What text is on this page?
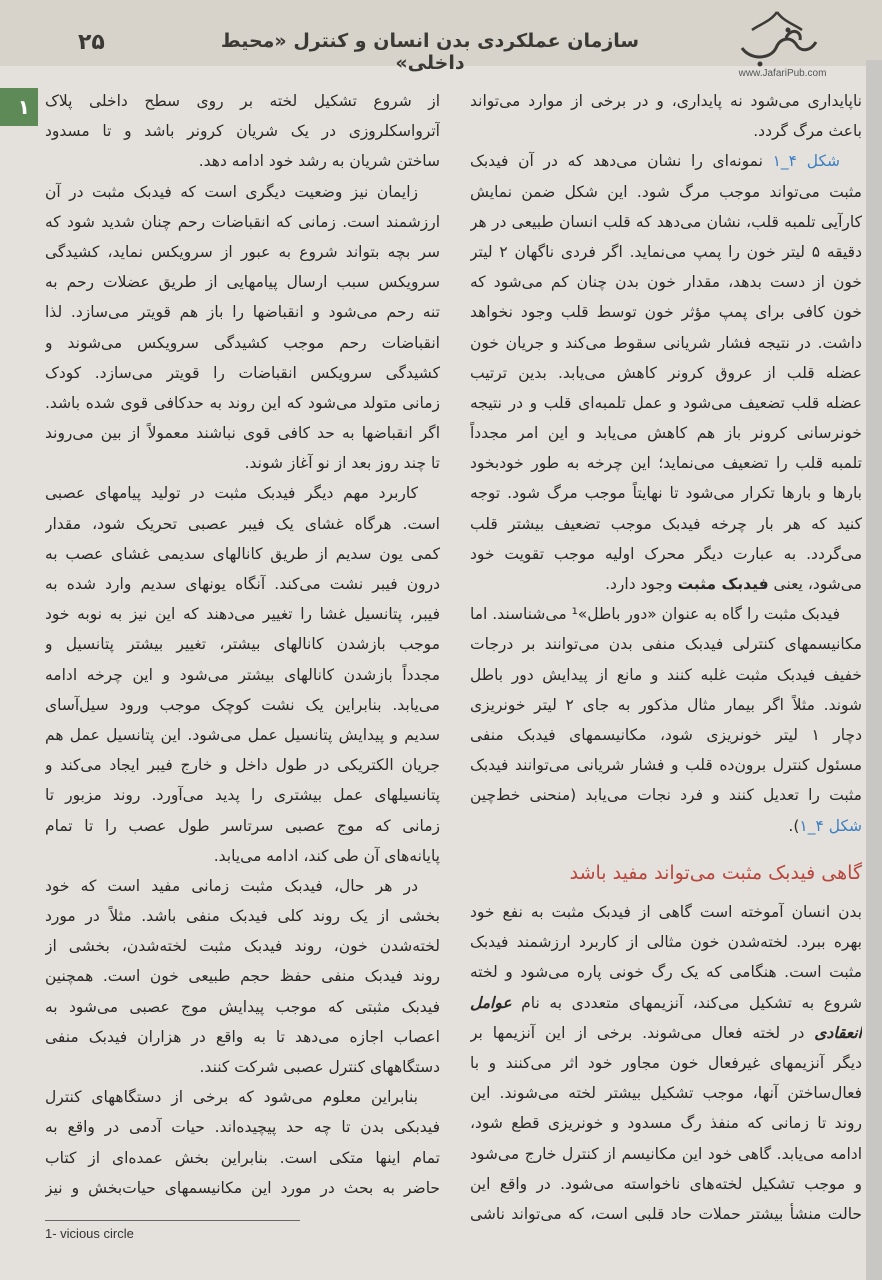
۲۵	سازمان عملکردی بدن انسان و کنترل «محیط داخلی»	www.JafariPub.com
۱	ناپایداری می‌شود نه پایداری، و در برخی از موارد می‌تواند
باعث مرگ گردد.
شکل ۴_۱ نمونه‌ای را نشان می‌دهد که در آن فیدبک
مثبت می‌تواند موجب مرگ شود. این شکل ضمن نمایش
کارآیی تلمبه قلب، نشان می‌دهد که قلب انسان طبیعی در هر
دقیقه ۵ لیتر خون را پمپ می‌نماید. اگر فردی ناگهان ۲ لیتر
خون از دست بدهد، مقدار خون بدن چنان کم می‌شود که
خون کافی برای پمپ مؤثر خون توسط قلب وجود نخواهد
داشت. در نتیجه فشار شریانی سقوط می‌کند و جریان خون
عضله قلب از عروق کرونر کاهش می‌یابد. بدین ترتیب
عضله قلب تضعیف می‌شود و عمل تلمبه‌ای قلب و در نتیجه
خونرسانی کرونر باز هم کاهش می‌یابد و این امر مجدداً
تلمبه قلب را تضعیف می‌نماید؛ این چرخه به طور خودبخود
بارها و بارها تکرار می‌شود تا نهایتاً موجب مرگ شود. توجه
کنید که هر بار چرخه فیدبک موجب تضعیف بیشتر قلب
می‌گردد. به عبارت دیگر محرک اولیه موجب تقویت خود
می‌شود، یعنی فیدبک مثبت وجود دارد.
فیدبک مثبت را گاه به عنوان «دور باطل»¹ می‌شناسند. اما
مکانیسمهای کنترلی فیدبک منفی بدن می‌توانند بر درجات
خفیف فیدبک مثبت غلبه کنند و مانع از پیدایش دور باطل
شوند. مثلاً اگر بیمار مثال مذکور به جای ۲ لیتر خونریزی
دچار ۱ لیتر خونریزی شود، مکانیسمهای فیدبک منفی
مسئول کنترل برون‌ده قلب و فشار شریانی می‌توانند فیدبک
مثبت را تعدیل کنند و فرد نجات می‌یابد (منحنی خط‌چین
شکل ۴_۱).
گاهی فیدبک مثبت می‌تواند مفید باشد
بدن انسان آموخته است گاهی از فیدبک مثبت به نفع خود
بهره ببرد. لخته‌شدن خون مثالی از کاربرد ارزشمند فیدبک
مثبت است. هنگامی که یک رگ خونی پاره می‌شود و لخته
شروع به تشکیل می‌کند، آنزیمهای متعددی به نام عوامل
انعقادی در لخته فعال می‌شوند. برخی از این آنزیمها بر
دیگر آنزیمهای غیرفعال خون مجاور خود اثر می‌کنند و با
فعال‌ساختن آنها، موجب تشکیل بیشتر لخته می‌شوند. این
روند تا زمانی که منفذ رگ مسدود و خونریزی قطع شود،
ادامه می‌یابد. گاهی خود این مکانیسم از کنترل خارج می‌شود
و موجب تشکیل لخته‌های ناخواسته می‌شود. در واقع این
حالت منشأ بیشتر حملات حاد قلبی است، که می‌تواند ناشی
از شروع تشکیل لخته بر روی سطح داخلی پلاک
آترواسکلروزی در یک شریان کرونر باشد و تا مسدود
ساختن شریان به رشد خود ادامه دهد.
زایمان نیز وضعیت دیگری است که فیدبک مثبت در آن
ارزشمند است. زمانی که انقباضات رحم چنان شدید شود که
سر بچه بتواند شروع به عبور از سرویکس نماید، کشیدگی
سرویکس سبب ارسال پیامهایی از طریق عضلات رحم به
تنه رحم می‌شود و انقباضها را باز هم قویتر می‌سازد. لذا
انقباضات رحم موجب کشیدگی سرویکس می‌شوند و
کشیدگی سرویکس انقباضات را قویتر می‌سازد. کودک
زمانی متولد می‌شود که این روند به حدکافی قوی شده باشد.
اگر انقباضها به حد کافی قوی نباشند معمولاً از بین می‌روند
تا چند روز بعد از نو آغاز شوند.
کاربرد مهم دیگر فیدبک مثبت در تولید پیامهای عصبی
است. هرگاه غشای یک فیبر عصبی تحریک شود، مقدار
کمی یون سدیم از طریق کانالهای سدیمی غشای عصب به
درون فیبر نشت می‌کند. آنگاه یونهای سدیم وارد شده به
فیبر، پتانسیل غشا را تغییر می‌دهند که این نیز به نوبه خود
موجب بازشدن کانالهای بیشتر، تغییر بیشتر پتانسیل و
مجدداً بازشدن کانالهای بیشتر می‌شود و این چرخه ادامه
می‌یابد. بنابراین یک نشت کوچک موجب ورود سیل‌آسای
سدیم و پیدایش پتانسیل عمل می‌شود. این پتانسیل عمل هم
جریان الکتریکی در طول داخل و خارج فیبر ایجاد می‌کند و
پتانسیلهای عمل بیشتری را پدید می‌آورد. روند مزبور تا
زمانی که موج عصبی سرتاسر طول عصب را تا تمام
پایانه‌های آن طی کند، ادامه می‌یابد.
در هر حال، فیدبک مثبت زمانی مفید است که خود
بخشی از یک روند کلی فیدبک منفی باشد. مثلاً در مورد
لخته‌شدن خون، روند فیدبک مثبت لخته‌شدن، بخشی از
روند فیدبک منفی حفظ حجم طبیعی خون است. همچنین
فیدبک مثبتی که موجب پیدایش موج عصبی می‌شود به
اعصاب اجازه می‌دهد تا به واقع در هزاران فیدبک منفی
دستگاههای کنترل عصبی شرکت کنند.
بنابراین معلوم می‌شود که برخی از دستگاههای کنترل
فیدبکی بدن تا چه حد پیچیده‌اند. حیات آدمی در واقع به
تمام اینها متکی است. بنابراین بخش عمده‌ای از کتاب
حاضر به بحث در مورد این مکانیسمهای حیات‌بخش و نیز
1- vicious circle
